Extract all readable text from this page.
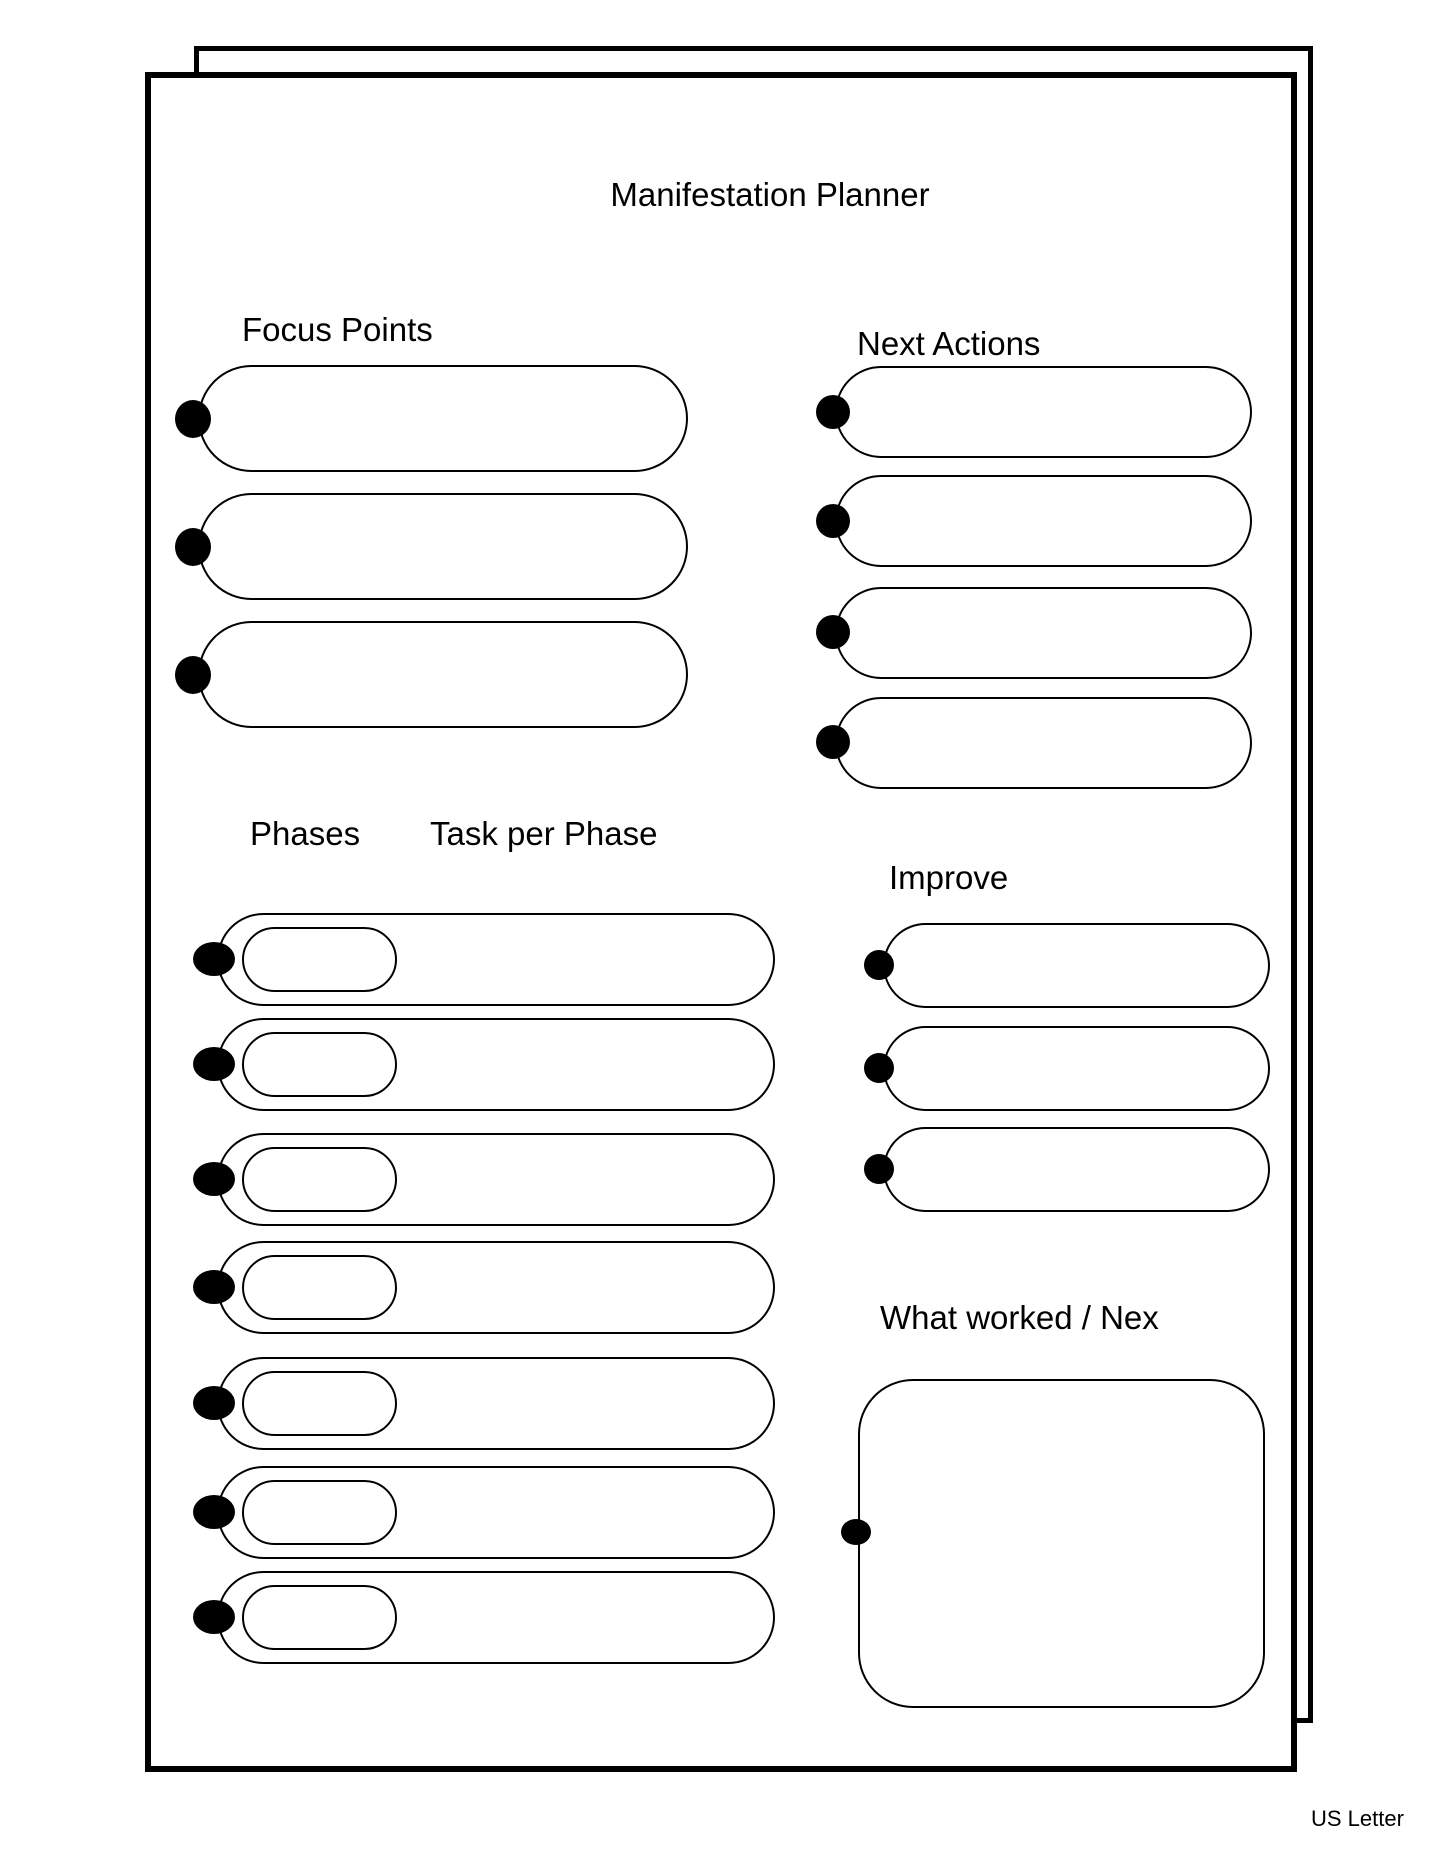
Manifestation Planner
Focus Points	Next Actions
Phases Task per Phase
Improve
What worked / Nex
US Letter
